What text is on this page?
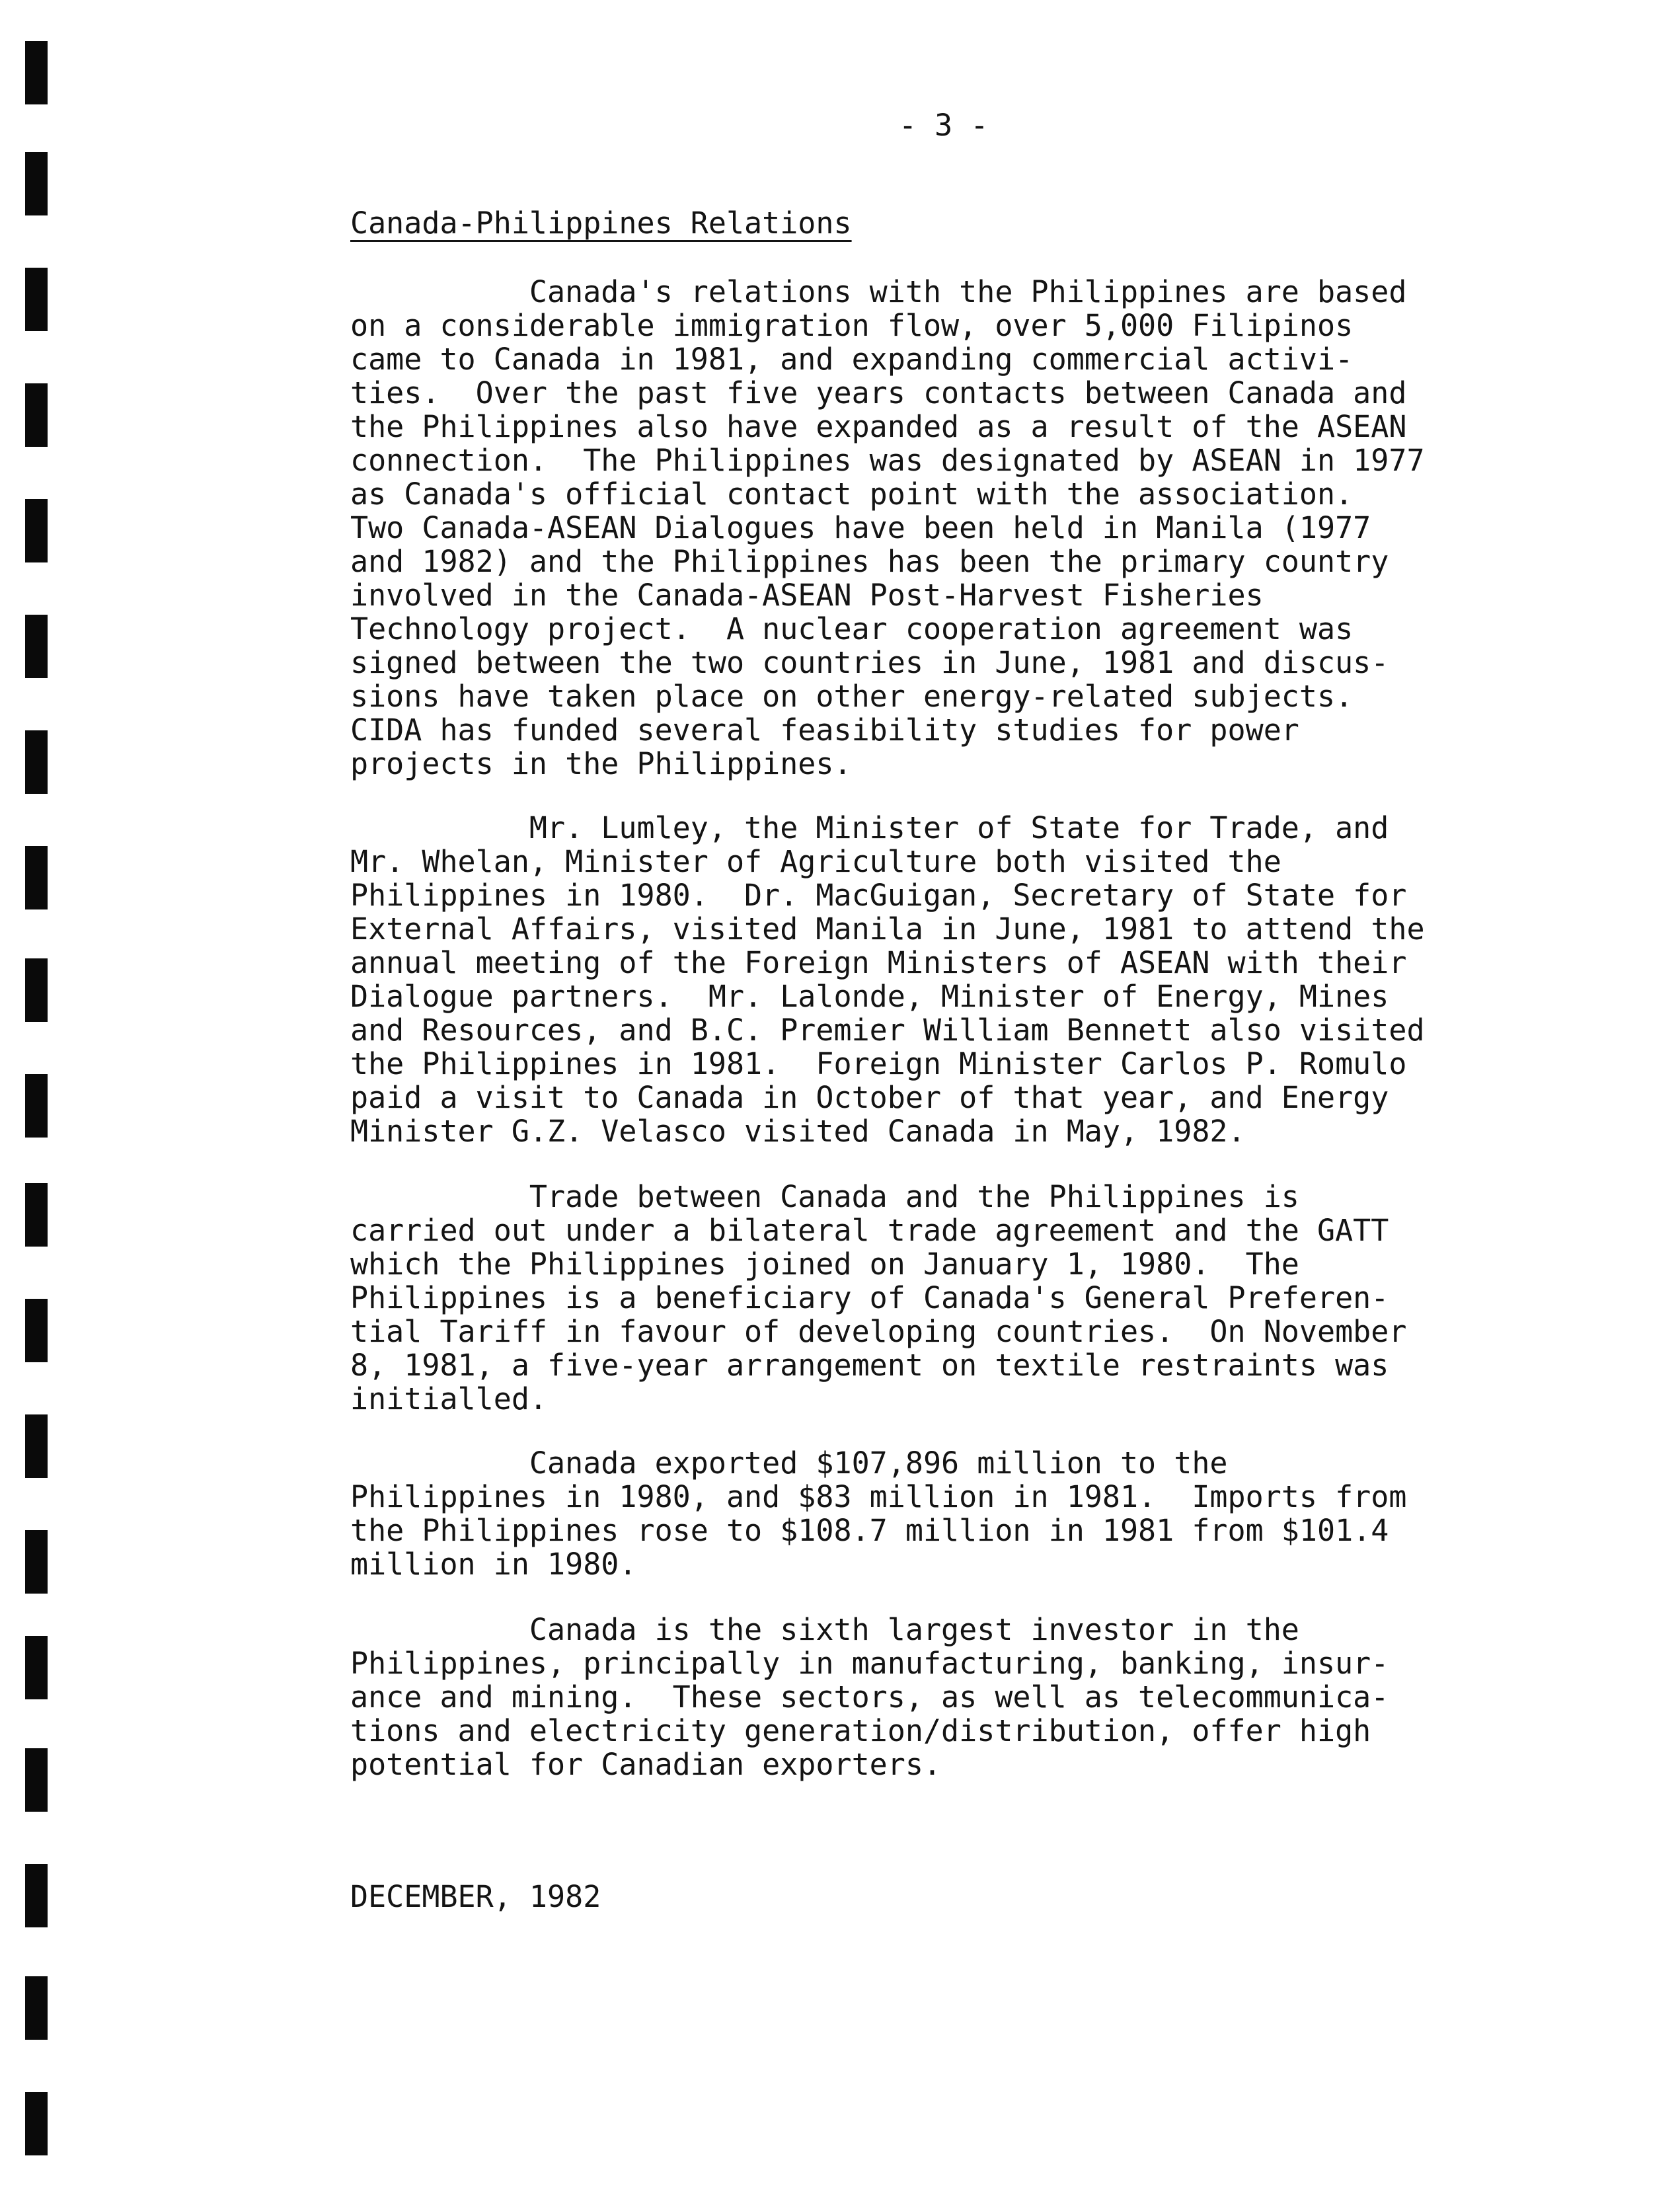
- 3 -
Canada-Philippines Relations
Canada's relations with the Philippines are based
on a considerable immigration flow, over 5,000 Filipinos
came to Canada in 1981, and expanding commercial activi-
ties.  Over the past five years contacts between Canada and
the Philippines also have expanded as a result of the ASEAN
connection.  The Philippines was designated by ASEAN in 1977
as Canada's official contact point with the association.
Two Canada-ASEAN Dialogues have been held in Manila (1977
and 1982) and the Philippines has been the primary country
involved in the Canada-ASEAN Post-Harvest Fisheries
Technology project.  A nuclear cooperation agreement was
signed between the two countries in June, 1981 and discus-
sions have taken place on other energy-related subjects.
CIDA has funded several feasibility studies for power
projects in the Philippines.
Mr. Lumley, the Minister of State for Trade, and
Mr. Whelan, Minister of Agriculture both visited the
Philippines in 1980.  Dr. MacGuigan, Secretary of State for
External Affairs, visited Manila in June, 1981 to attend the
annual meeting of the Foreign Ministers of ASEAN with their
Dialogue partners.  Mr. Lalonde, Minister of Energy, Mines
and Resources, and B.C. Premier William Bennett also visited
the Philippines in 1981.  Foreign Minister Carlos P. Romulo
paid a visit to Canada in October of that year, and Energy
Minister G.Z. Velasco visited Canada in May, 1982.
Trade between Canada and the Philippines is
carried out under a bilateral trade agreement and the GATT
which the Philippines joined on January 1, 1980.  The
Philippines is a beneficiary of Canada's General Preferen-
tial Tariff in favour of developing countries.  On November
8, 1981, a five-year arrangement on textile restraints was
initialled.
Canada exported $107,896 million to the
Philippines in 1980, and $83 million in 1981.  Imports from
the Philippines rose to $108.7 million in 1981 from $101.4
million in 1980.
Canada is the sixth largest investor in the
Philippines, principally in manufacturing, banking, insur-
ance and mining.  These sectors, as well as telecommunica-
tions and electricity generation/distribution, offer high
potential for Canadian exporters.
DECEMBER, 1982
